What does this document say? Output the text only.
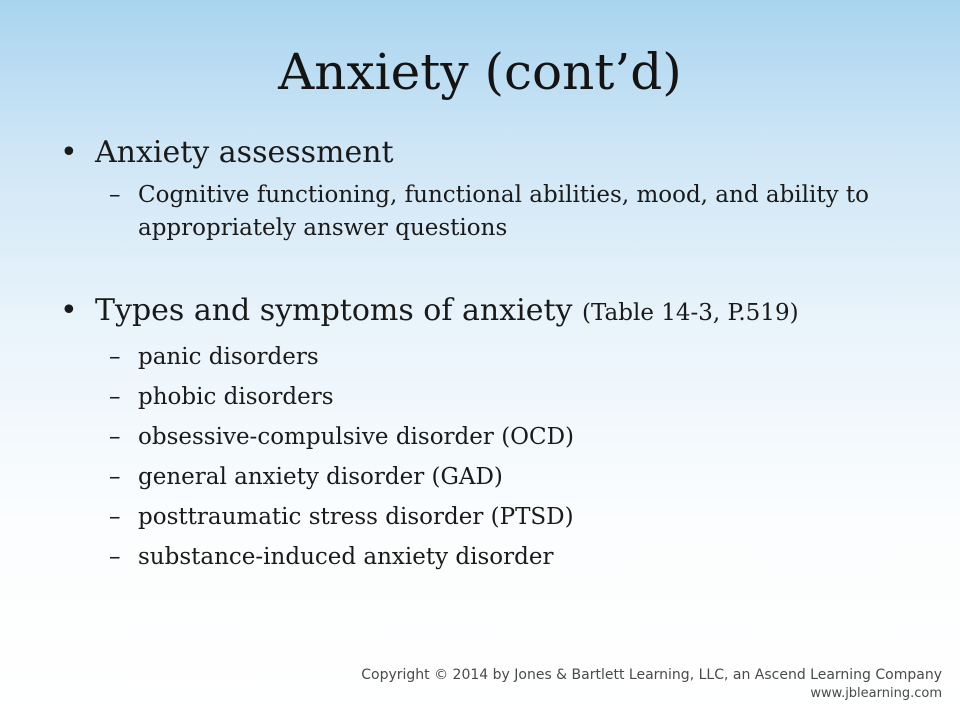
Anxiety (cont’d)
• Anxiety assessment
– Cognitive functioning, functional abilities, mood, and ability to appropriately answer questions
• Types and symptoms of anxiety (Table 14-3, P.519)
– panic disorders
– phobic disorders
– obsessive-compulsive disorder (OCD)
– general anxiety disorder (GAD)
– posttraumatic stress disorder (PTSD)
– substance-induced anxiety disorder
Copyright © 2014 by Jones & Bartlett Learning, LLC, an Ascend Learning Company
www.jblearning.com
